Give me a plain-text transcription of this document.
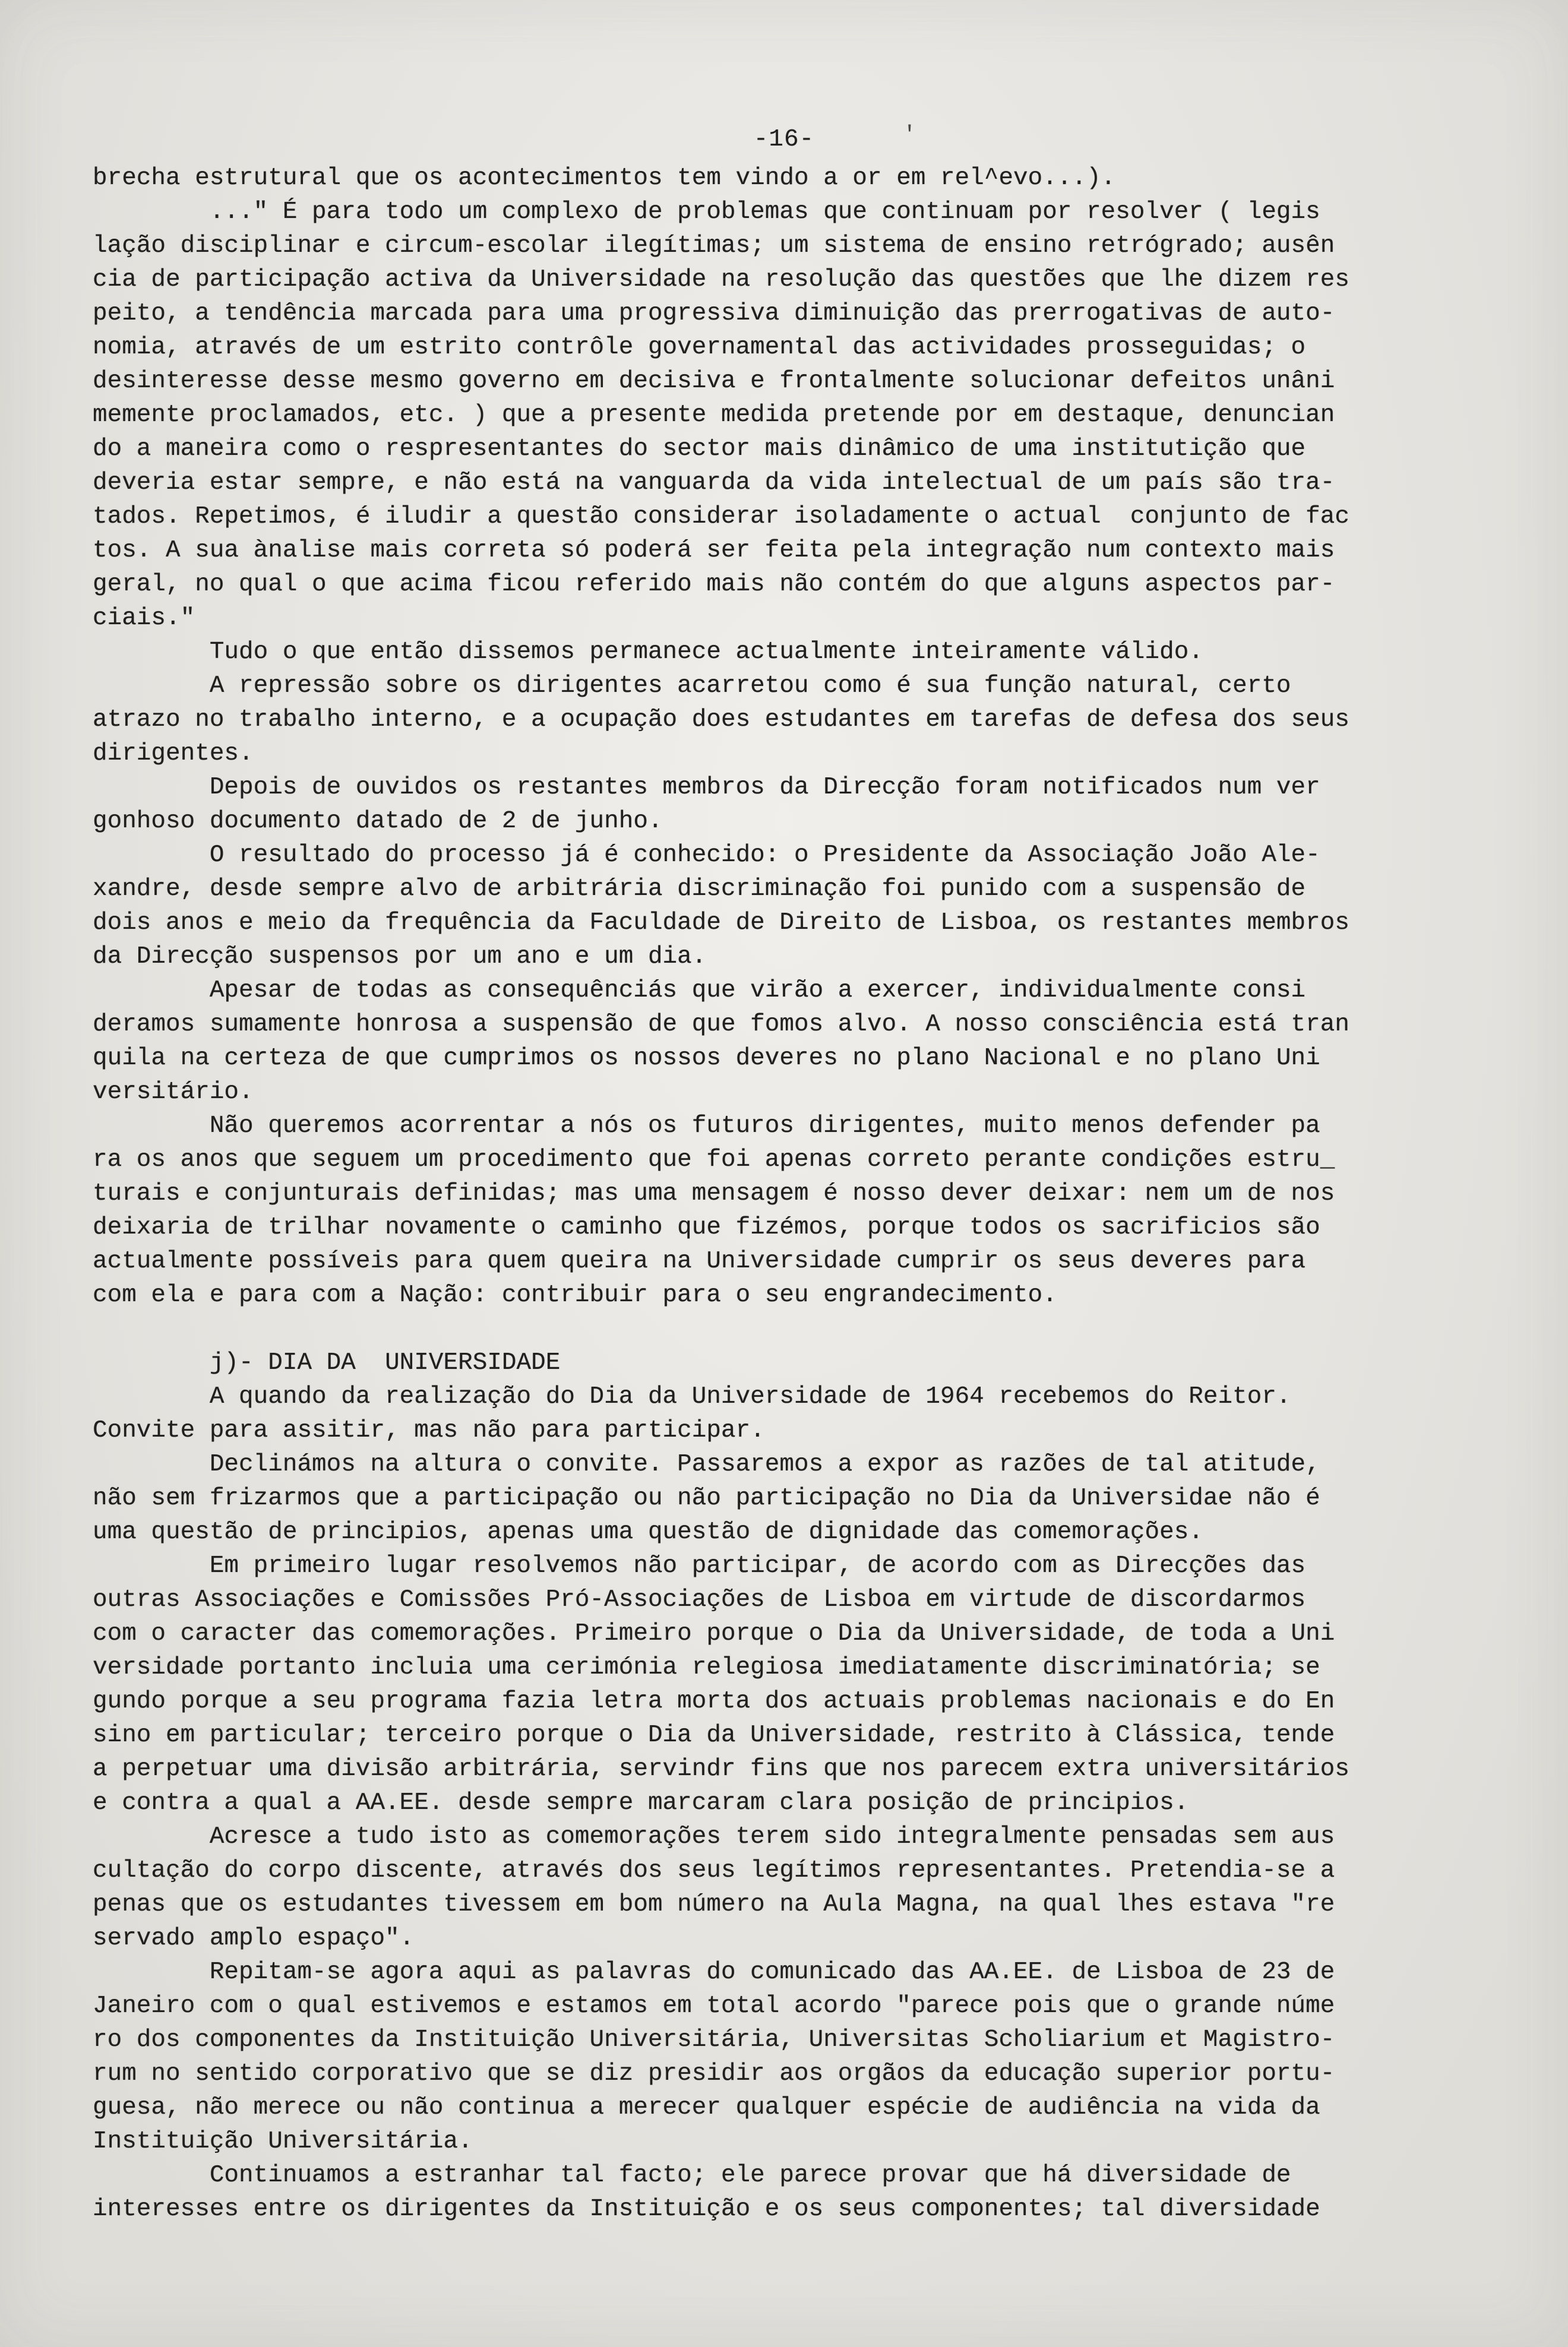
-16-	'
brecha estrutural que os acontecimentos tem vindo a or em rel^evo...).
..." É para todo um complexo de problemas que continuam por resolver ( legis
lação disciplinar e circum-escolar ilegítimas; um sistema de ensino retrógrado; ausên
cia de participação activa da Universidade na resolução das questões que lhe dizem res
peito, a tendência marcada para uma progressiva diminuição das prerrogativas de auto-
nomia, através de um estrito contrôle governamental das actividades prosseguidas; o
desinteresse desse mesmo governo em decisiva e frontalmente solucionar defeitos unâni
memente proclamados, etc. ) que a presente medida pretende por em destaque, denuncian
do a maneira como o respresentantes do sector mais dinâmico de uma institutição que
deveria estar sempre, e não está na vanguarda da vida intelectual de um país são tra-
tados. Repetimos, é iludir a questão considerar isoladamente o actual  conjunto de fac
tos. A sua ànalise mais correta só poderá ser feita pela integração num contexto mais
geral, no qual o que acima ficou referido mais não contém do que alguns aspectos par-
ciais."
Tudo o que então dissemos permanece actualmente inteiramente válido.
A repressão sobre os dirigentes acarretou como é sua função natural, certo
atrazo no trabalho interno, e a ocupação does estudantes em tarefas de defesa dos seus
dirigentes.
Depois de ouvidos os restantes membros da Direcção foram notificados num ver
gonhoso documento datado de 2 de junho.
O resultado do processo já é conhecido: o Presidente da Associação João Ale-
xandre, desde sempre alvo de arbitrária discriminação foi punido com a suspensão de
dois anos e meio da frequência da Faculdade de Direito de Lisboa, os restantes membros
da Direcção suspensos por um ano e um dia.
Apesar de todas as consequênciás que virão a exercer, individualmente consi
deramos sumamente honrosa a suspensão de que fomos alvo. A nosso consciência está tran
quila na certeza de que cumprimos os nossos deveres no plano Nacional e no plano Uni
versitário.
Não queremos acorrentar a nós os futuros dirigentes, muito menos defender pa
ra os anos que seguem um procedimento que foi apenas correto perante condições estru_
turais e conjunturais definidas; mas uma mensagem é nosso dever deixar: nem um de nos
deixaria de trilhar novamente o caminho que fizémos, porque todos os sacrificios são
actualmente possíveis para quem queira na Universidade cumprir os seus deveres para
com ela e para com a Nação: contribuir para o seu engrandecimento.

j)- DIA DA  UNIVERSIDADE
A quando da realização do Dia da Universidade de 1964 recebemos do Reitor.
Convite para assitir, mas não para participar.
Declinámos na altura o convite. Passaremos a expor as razões de tal atitude,
não sem frizarmos que a participação ou não participação no Dia da Universidae não é
uma questão de principios, apenas uma questão de dignidade das comemorações.
Em primeiro lugar resolvemos não participar, de acordo com as Direcções das
outras Associações e Comissões Pró-Associações de Lisboa em virtude de discordarmos
com o caracter das comemorações. Primeiro porque o Dia da Universidade, de toda a Uni
versidade portanto incluia uma cerimónia relegiosa imediatamente discriminatória; se
gundo porque a seu programa fazia letra morta dos actuais problemas nacionais e do En
sino em particular; terceiro porque o Dia da Universidade, restrito à Clássica, tende
a perpetuar uma divisão arbitrária, servindr fins que nos parecem extra universitários
e contra a qual a AA.EE. desde sempre marcaram clara posição de principios.
Acresce a tudo isto as comemorações terem sido integralmente pensadas sem aus
cultação do corpo discente, através dos seus legítimos representantes. Pretendia-se a
penas que os estudantes tivessem em bom número na Aula Magna, na qual lhes estava "re
servado amplo espaço".
Repitam-se agora aqui as palavras do comunicado das AA.EE. de Lisboa de 23 de
Janeiro com o qual estivemos e estamos em total acordo "parece pois que o grande núme
ro dos componentes da Instituição Universitária, Universitas Scholiarium et Magistro-
rum no sentido corporativo que se diz presidir aos orgãos da educação superior portu-
guesa, não merece ou não continua a merecer qualquer espécie de audiência na vida da
Instituição Universitária.
Continuamos a estranhar tal facto; ele parece provar que há diversidade de
interesses entre os dirigentes da Instituição e os seus componentes; tal diversidade
